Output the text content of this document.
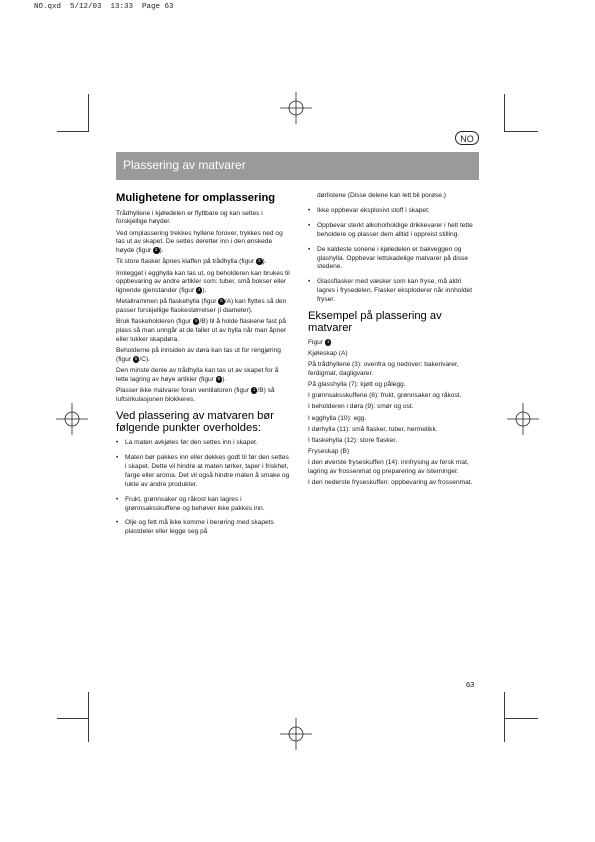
NO.qxd  5/12/03  13:33  Page 63
NO
Plassering av matvarer
Mulighetene for omplassering

Trådhyllene i kjøledelen er flyttbare og kan settes i forskjellige høyder.

Ved omplassering trekkes hyllene forover, trykkes ned og tas ut av skapet. De settes deretter inn i den ønskede høyde (figur 2 ).

Til store flasker åpnes klaffen på trådhylla (figur 3 ).

Innlegget i egghylla kan tas ut, og beholderen kan brukes til oppbevaring av andre artikler som: tuber, små bokser eller lignende gjenstander (figur 4 ).

Metallrammen på flaskehylla (figur 5 /A) kan flyttes så den passer forskjellige flaskestørrelser (i diameter).

Bruk flaskeholderen (figur 5 /B) til å holde flaskene fast på plass så man unngår at de faller ut av hylla når man åpner eller lukker skapdøra.

Beholderne på innsiden av døra kan tas ut for rengjøring (figur 5 /C).

Den minste denle av trådhylla kan tas ut av skapet for å lette lagring av høye artikler (figur 6 ).

Plasser ikke matvarer foran ventilatoren (figur 1 /B) så luftsirkulasjonen blokkeres.

Ved plassering av matvaren bør følgende punkter overholdes:
• La maten avkjøles før den settes inn i skapet.
• Maten bør pakkes inn eller dekkes godt til før den settes i skapet. Dette vil hindre at maten tørker, taper i friskhet, farge eller aroma. Det vil også hindre maten å smake og lukte av andre produkter.
• Frukt, grønnsaker og råkost kan lagres i grønnsaksskuffene og behøver ikke pakkes inn.
• Olje og fett må ikke komme i berøring med skapets plastdeler eller legge seg på

dørlistene (Disse delene kan lett bli porøse.)

• Ikke oppbevar eksplosivt stoff i skapet.
• Oppbevar sterkt alkoholholdige drikkevarer i helt tette beholdere og plasser dem alltid i oppreist stilling.
• De kaldeste sonene i kjøledelen er bakveggen og glashylla. Oppbevar lettskadelige matvarer på disse stedene.
• Glassflasker med væsker som kan fryse, må aldri lagres i frysedelen. Flasker eksploderer når innholdet fryser.
Eksempel på plassering av matvarer

Figur 1

Kjøleskap (A)

På trådhyllene (3): ovenfra og nedover: bakerivarer, ferdigmat, dagligvarer.

På glasshylla (7): kjøtt og pålegg.

I grønnsaksskuffene (8): frukt, grønnsaker og råkost.

I beholderen i døra (9): smør og ost.

I egghylla (10): egg.

I dørhylla (11): små flasker, tuber, hermetikk.

I flaskehylla (12): store flasker.

Fryseskap (B)

I den øverste fryseskuffen (14): innfrysing av fersk mat, lagring av frossenmat og preparering av isterninger.

I den nederste fryseskuffen: oppbevaring av frossenmat.

63
